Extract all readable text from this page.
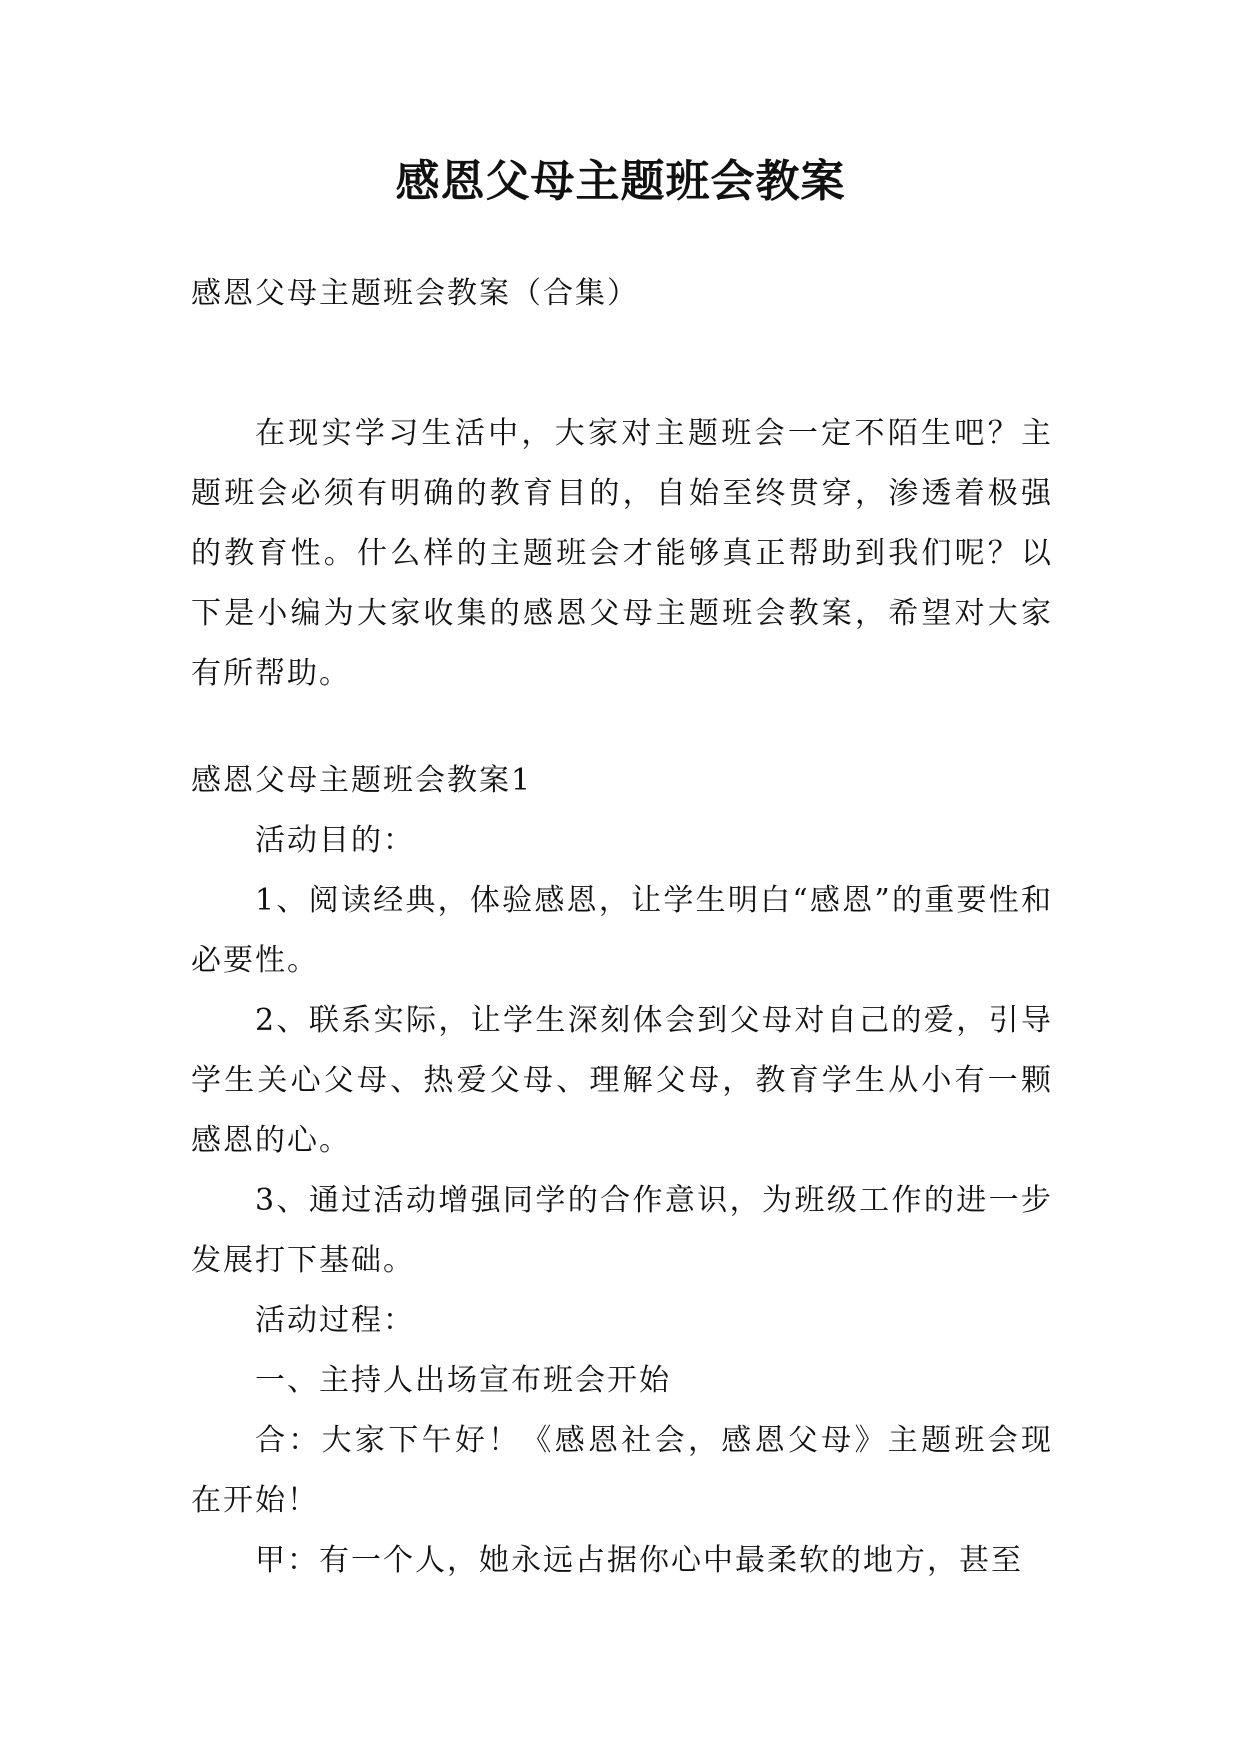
感恩父母主题班会教案
感恩父母主题班会教案（合集）
在现实学习生活中，大家对主题班会一定不陌生吧？主题班会必须有明确的教育目的，自始至终贯穿，渗透着极强的教育性。什么样的主题班会才能够真正帮助到我们呢？以下是小编为大家收集的感恩父母主题班会教案，希望对大家有所帮助。

感恩父母主题班会教案1

活动目的：

1、阅读经典，体验感恩，让学生明白“感恩”的重要性和必要性。

2、联系实际，让学生深刻体会到父母对自己的爱，引导学生关心父母、热爱父母、理解父母，教育学生从小有一颗感恩的心。

3、通过活动增强同学的合作意识，为班级工作的进一步发展打下基础。

活动过程：

一、主持人出场宣布班会开始

合：大家下午好！《感恩社会，感恩父母》主题班会现在开始！

甲：有一个人，她永远占据你心中最柔软的地方，甚至
